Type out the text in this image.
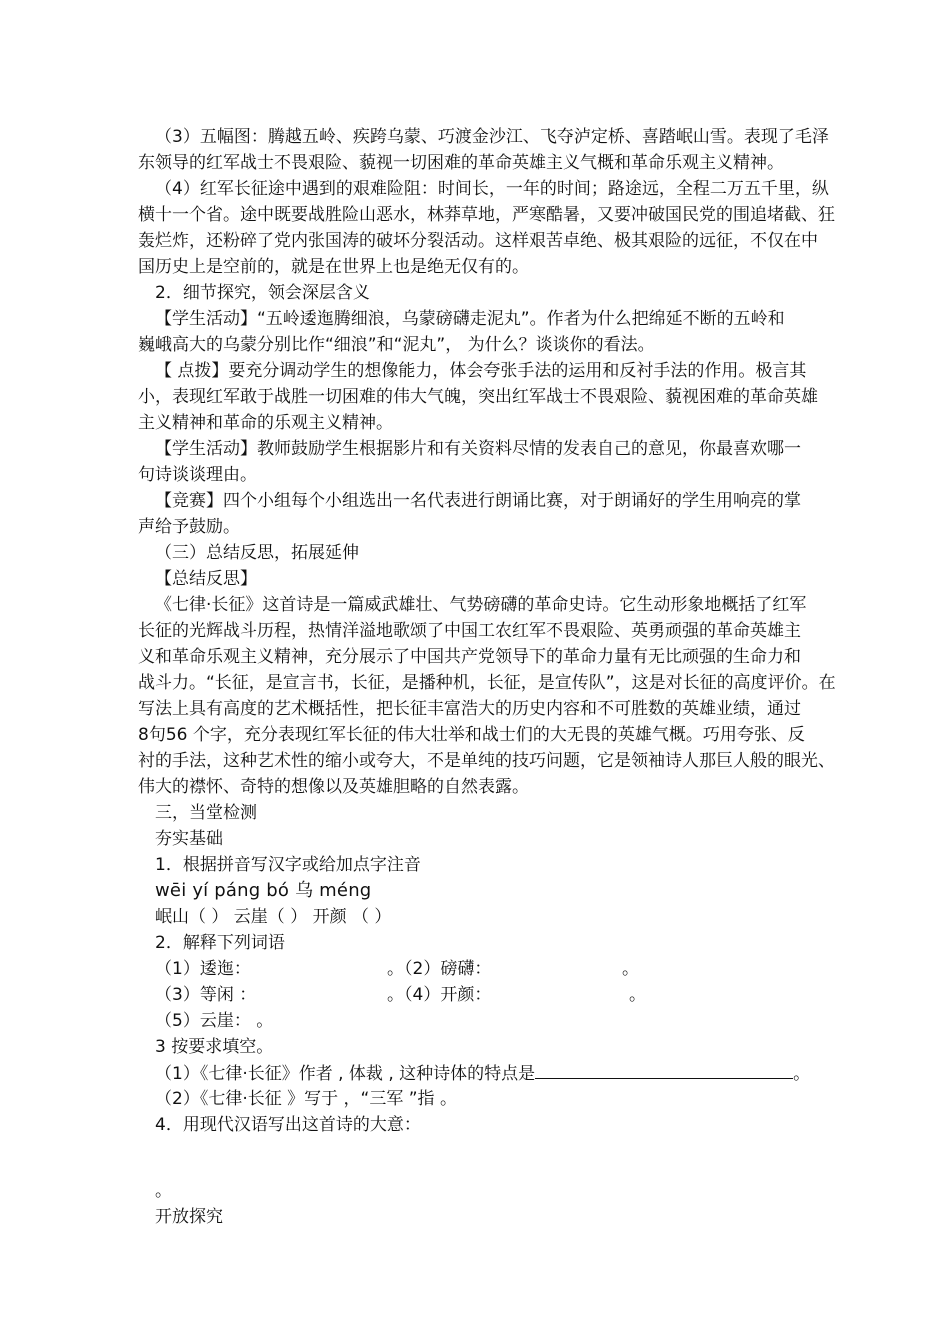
（3）五幅图：腾越五岭、疾跨乌蒙、巧渡金沙江、飞夺泸定桥、喜踏岷山雪。表现了毛泽
东领导的红军战士不畏艰险、藐视一切困难的革命英雄主义气概和革命乐观主义精神。
（4）红军长征途中遇到的艰难险阻：时间长，一年的时间；路途远，全程二万五千里，纵
横十一个省。途中既要战胜险山恶水，林莽草地，严寒酷暑，又要冲破国民党的围追堵截、狂
轰烂炸，还粉碎了党内张国涛的破坏分裂活动。这样艰苦卓绝、极其艰险的远征，不仅在中
国历史上是空前的，就是在世界上也是绝无仅有的。
2．细节探究，领会深层含义
【学生活动】“五岭逶迤腾细浪，乌蒙磅礴走泥丸”。作者为什么把绵延不断的五岭和
巍峨高大的乌蒙分别比作“细浪”和“泥丸”， 为什么？谈谈你的看法。
【 点拨】要充分调动学生的想像能力，体会夸张手法的运用和反衬手法的作用。极言其
小，表现红军敢于战胜一切困难的伟大气魄，突出红军战士不畏艰险、藐视困难的革命英雄
主义精神和革命的乐观主义精神。
【学生活动】教师鼓励学生根据影片和有关资料尽情的发表自己的意见，你最喜欢哪一
句诗谈谈理由。
【竞赛】四个小组每个小组选出一名代表进行朗诵比赛，对于朗诵好的学生用响亮的掌
声给予鼓励。
（三）总结反思，拓展延伸
【总结反思】
《七律·长征》这首诗是一篇威武雄壮、气势磅礴的革命史诗。它生动形象地概括了红军
长征的光辉战斗历程，热情洋溢地歌颂了中国工农红军不畏艰险、英勇顽强的革命英雄主
义和革命乐观主义精神，充分展示了中国共产党领导下的革命力量有无比顽强的生命力和
战斗力。“长征，是宣言书，长征，是播种机，长征，是宣传队”，这是对长征的高度评价。在
写法上具有高度的艺术概括性，把长征丰富浩大的历史内容和不可胜数的英雄业绩，通过
8句56 个字，充分表现红军长征的伟大壮举和战士们的大无畏的英雄气概。巧用夸张、反
衬的手法，这种艺术性的缩小或夸大，不是单纯的技巧问题，它是领袖诗人那巨人般的眼光、
伟大的襟怀、奇特的想像以及英雄胆略的自然表露。
三，当堂检测
夯实基础
1．根据拼音写汉字或给加点字注音
wēi yí páng bó 乌 méng
岷山（ ） 云崖（ ） 开颜 （ ）
2．解释下列词语
（1）逶迤：	。（2）磅礴：	。
（3）等闲 ：	。（4）开颜：	。
（5）云崖： 。
3 按要求填空。
（1）《七律·长征》作者 , 体裁 , 这种诗体的特点是	。
（2）《七律·长征 》写于 ，“三军 ”指 。
4．用现代汉语写出这首诗的大意：
。
开放探究
